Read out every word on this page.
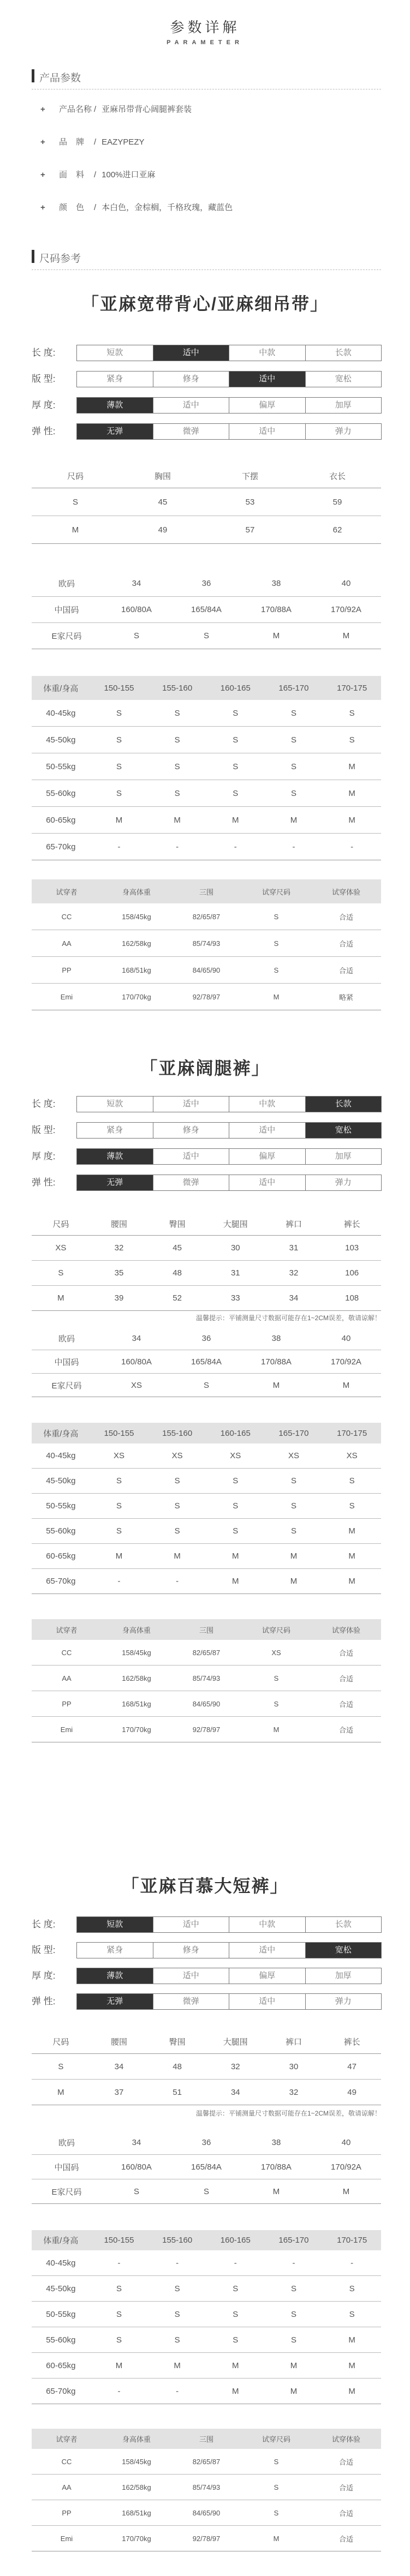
参数详解
PARAMETER
产品参数
+ 产品名称 / 亚麻吊带背心阔腿裤套装
+ 品 牌 / EAZYPEZY
+ 面 料 / 100%进口亚麻
+ 颜 色 / 本白色，金棕榈，千格玫瑰，藏蓝色
尺码参考
「亚麻宽带背心/亚麻细吊带」
长 度:	短款	适中	中款	长款
版 型:	紧身	修身	适中	宽松
厚 度:	薄款	适中	偏厚	加厚
弹 性:	无弹	微弹	适中	弹力
尺码	胸围	下摆	衣长
S	45	53	59
M	49	57	62
欧码	34	36	38	40
中国码	160/80A	165/84A	170/88A	170/92A
E家尺码	S	S	M	M
体重/身高	150-155	155-160	160-165	165-170	170-175
40-45kg	S	S	S	S	S
45-50kg	S	S	S	S	S
50-55kg	S	S	S	S	M
55-60kg	S	S	S	S	M
60-65kg	M	M	M	M	M
65-70kg	-	-	-	-	-
试穿者	身高体重	三围	试穿尺码	试穿体验
CC	158/45kg	82/65/87	S	合适
AA	162/58kg	85/74/93	S	合适
PP	168/51kg	84/65/90	S	合适
Emi	170/70kg	92/78/97	M	略紧
「亚麻阔腿裤」
长 度:	短款	适中	中款	长款
版 型:	紧身	修身	适中	宽松
厚 度:	薄款	适中	偏厚	加厚
弹 性:	无弹	微弹	适中	弹力
尺码	腰围	臀围	大腿围	裤口	裤长
XS	32	45	30	31	103
S	35	48	31	32	106
M	39	52	33	34	108
温馨提示：平铺测量尺寸数据可能存在1~2CM误差，敬请谅解！
欧码	34	36	38	40
中国码	160/80A	165/84A	170/88A	170/92A
E家尺码	XS	S	M	M
体重/身高	150-155	155-160	160-165	165-170	170-175
40-45kg	XS	XS	XS	XS	XS
45-50kg	S	S	S	S	S
50-55kg	S	S	S	S	S
55-60kg	S	S	S	S	M
60-65kg	M	M	M	M	M
65-70kg	-	-	M	M	M
试穿者	身高体重	三围	试穿尺码	试穿体验
CC	158/45kg	82/65/87	XS	合适
AA	162/58kg	85/74/93	S	合适
PP	168/51kg	84/65/90	S	合适
Emi	170/70kg	92/78/97	M	合适
「亚麻百慕大短裤」
长 度:	短款	适中	中款	长款
版 型:	紧身	修身	适中	宽松
厚 度:	薄款	适中	偏厚	加厚
弹 性:	无弹	微弹	适中	弹力
尺码	腰围	臀围	大腿围	裤口	裤长
S	34	48	32	30	47
M	37	51	34	32	49
温馨提示：平铺测量尺寸数据可能存在1~2CM误差，敬请谅解！
欧码	34	36	38	40
中国码	160/80A	165/84A	170/88A	170/92A
E家尺码	S	S	M	M
体重/身高	150-155	155-160	160-165	165-170	170-175
40-45kg	-	-	-	-	-
45-50kg	S	S	S	S	S
50-55kg	S	S	S	S	S
55-60kg	S	S	S	S	M
60-65kg	M	M	M	M	M
65-70kg	-	-	M	M	M
试穿者	身高体重	三围	试穿尺码	试穿体验
CC	158/45kg	82/65/87	S	合适
AA	162/58kg	85/74/93	S	合适
PP	168/51kg	84/65/90	S	合适
Emi	170/70kg	92/78/97	M	合适
